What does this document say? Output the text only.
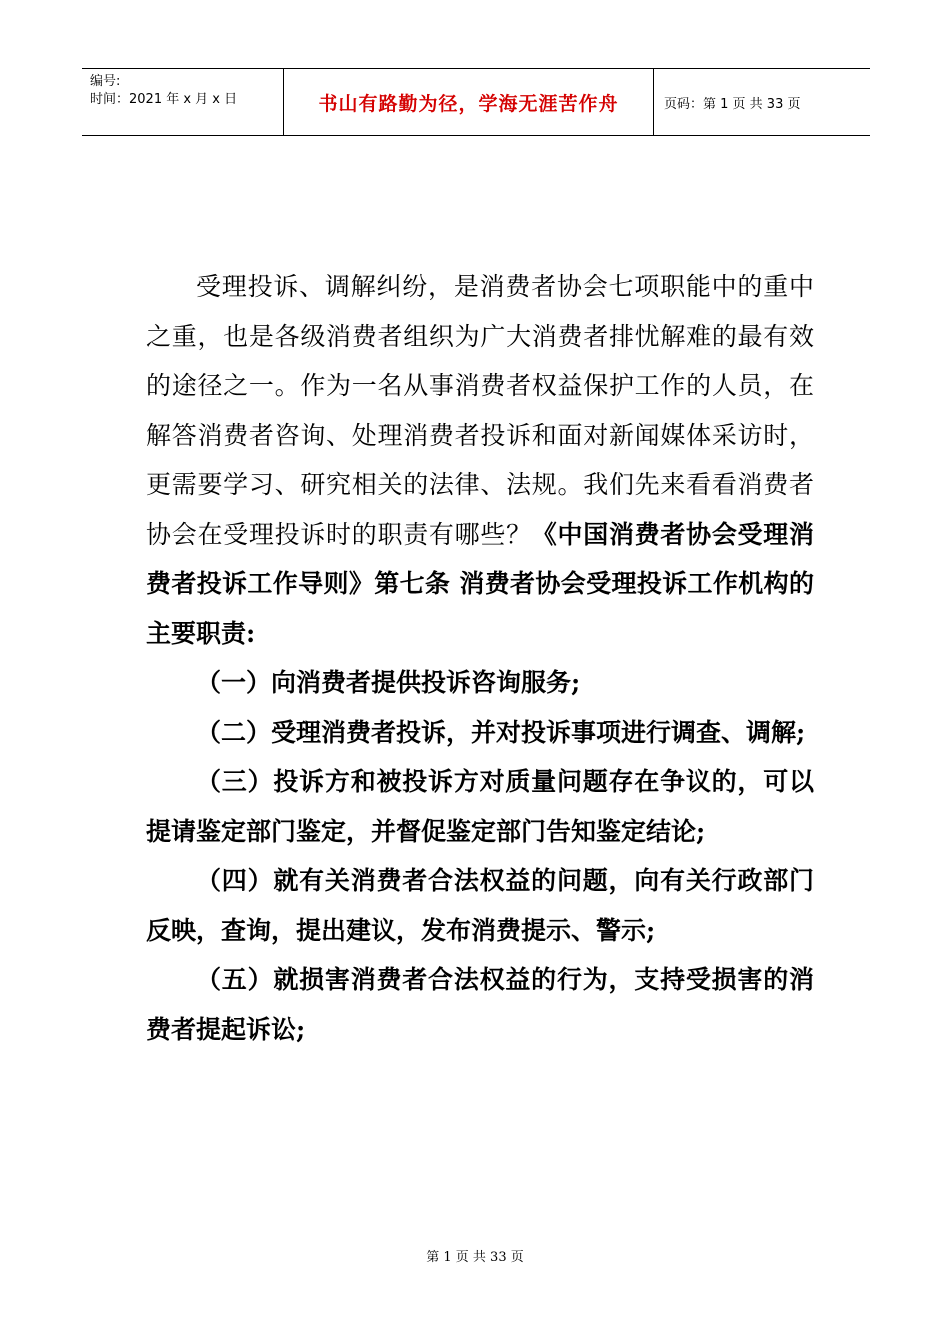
编号:
时间：2021 年 x 月 x 日	书山有路勤为径，学海无涯苦作舟	页码：第 1 页 共 33 页

受理投诉、调解纠纷，是消费者协会七项职能中的重中之重，也是各级消费者组织为广大消费者排忧解难的最有效的途径之一。作为一名从事消费者权益保护工作的人员，在解答消费者咨询、处理消费者投诉和面对新闻媒体采访时，更需要学习、研究相关的法律、法规。我们先来看看消费者协会在受理投诉时的职责有哪些？《中国消费者协会受理消费者投诉工作导则》第七条 消费者协会受理投诉工作机构的主要职责:

（一）向消费者提供投诉咨询服务;

（二）受理消费者投诉，并对投诉事项进行调查、调解;

（三）投诉方和被投诉方对质量问题存在争议的，可以提请鉴定部门鉴定，并督促鉴定部门告知鉴定结论;

（四）就有关消费者合法权益的问题，向有关行政部门反映，查询，提出建议，发布消费提示、警示;

（五）就损害消费者合法权益的行为，支持受损害的消费者提起诉讼;

第 1 页 共 33 页
